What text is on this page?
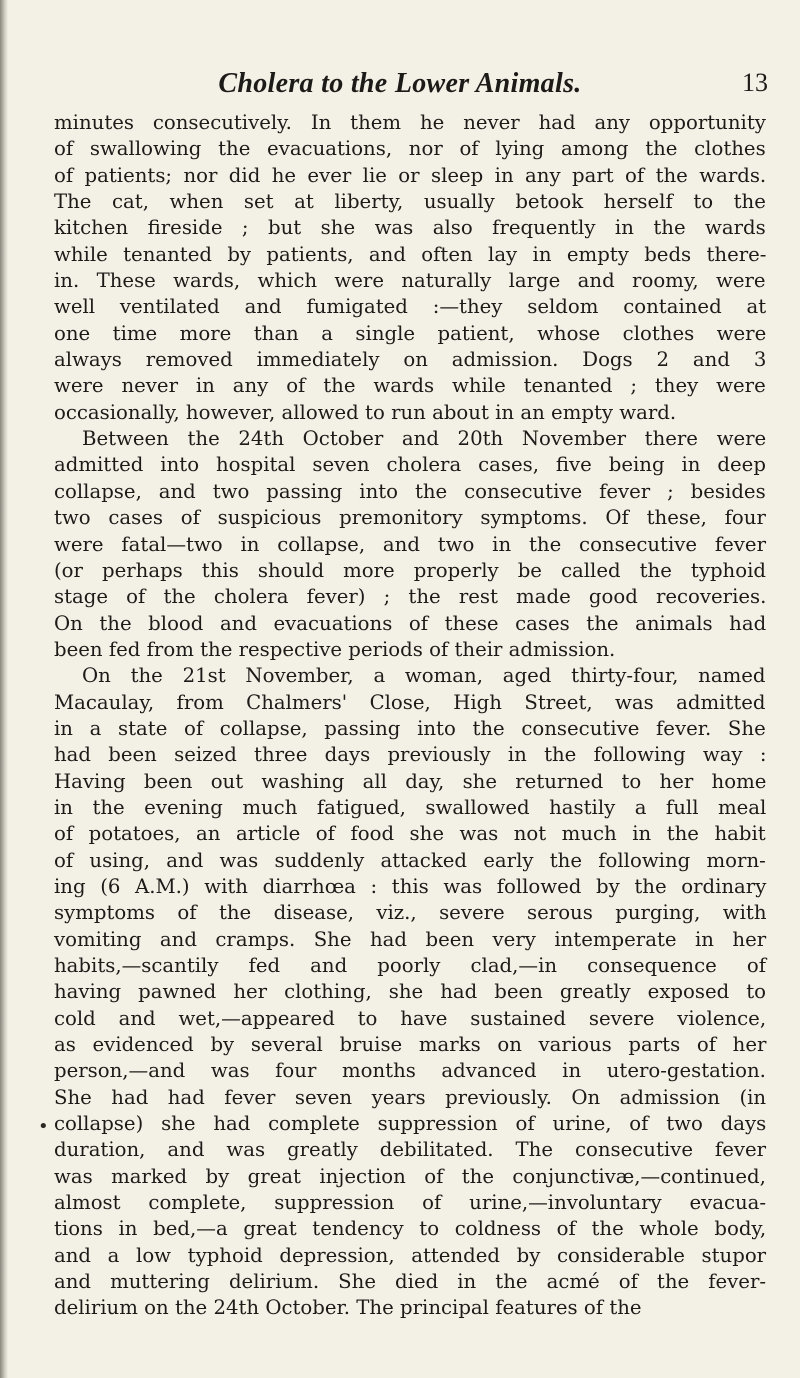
Cholera to the Lower Animals.	13
•
minutes consecutively. In them he never had any opportunity
of swallowing the evacuations, nor of lying among the clothes
of patients; nor did he ever lie or sleep in any part of the wards.
The cat, when set at liberty, usually betook herself to the
kitchen fireside ; but she was also frequently in the wards
while tenanted by patients, and often lay in empty beds there-
in. These wards, which were naturally large and roomy, were
well ventilated and fumigated :—they seldom contained at
one time more than a single patient, whose clothes were
always removed immediately on admission. Dogs 2 and 3
were never in any of the wards while tenanted ; they were
occasionally, however, allowed to run about in an empty ward.
Between the 24th October and 20th November there were
admitted into hospital seven cholera cases, five being in deep
collapse, and two passing into the consecutive fever ; besides
two cases of suspicious premonitory symptoms. Of these, four
were fatal—two in collapse, and two in the consecutive fever
(or perhaps this should more properly be called the typhoid
stage of the cholera fever) ; the rest made good recoveries.
On the blood and evacuations of these cases the animals had
been fed from the respective periods of their admission.
On the 21st November, a woman, aged thirty-four, named
Macaulay, from Chalmers' Close, High Street, was admitted
in a state of collapse, passing into the consecutive fever. She
had been seized three days previously in the following way :
Having been out washing all day, she returned to her home
in the evening much fatigued, swallowed hastily a full meal
of potatoes, an article of food she was not much in the habit
of using, and was suddenly attacked early the following morn-
ing (6 A.M.) with diarrhœa : this was followed by the ordinary
symptoms of the disease, viz., severe serous purging, with
vomiting and cramps. She had been very intemperate in her
habits,—scantily fed and poorly clad,—in consequence of
having pawned her clothing, she had been greatly exposed to
cold and wet,—appeared to have sustained severe violence,
as evidenced by several bruise marks on various parts of her
person,—and was four months advanced in utero-gestation.
She had had fever seven years previously. On admission (in
collapse) she had complete suppression of urine, of two days
duration, and was greatly debilitated. The consecutive fever
was marked by great injection of the conjunctivæ,—continued,
almost complete, suppression of urine,—involuntary evacua-
tions in bed,—a great tendency to coldness of the whole body,
and a low typhoid depression, attended by considerable stupor
and muttering delirium. She died in the acmé of the fever-
delirium on the 24th October. The principal features of the
